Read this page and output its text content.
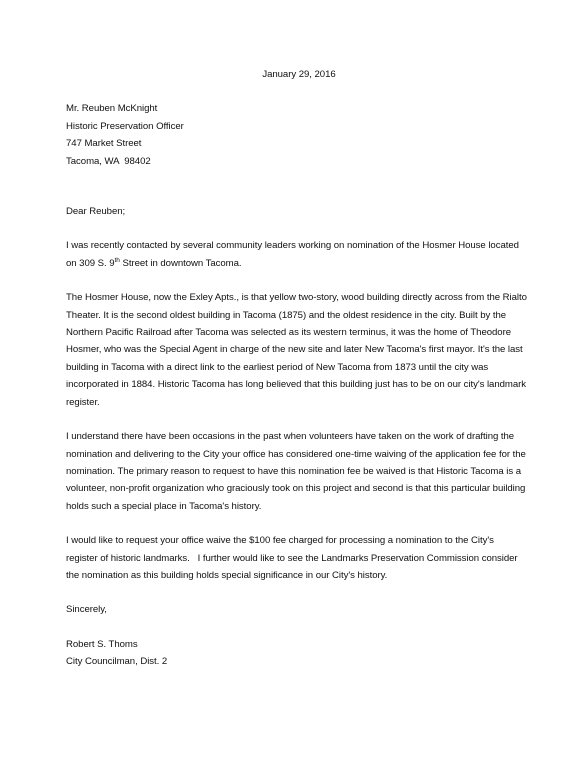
January 29, 2016
Mr. Reuben McKnight
Historic Preservation Officer
747 Market Street
Tacoma, WA  98402

Dear Reuben;

I was recently contacted by several community leaders working on nomination of the Hosmer House located on 309 S. 9th Street in downtown Tacoma.

The Hosmer House, now the Exley Apts., is that yellow two-story, wood building directly across from the Rialto Theater. It is the second oldest building in Tacoma (1875) and the oldest residence in the city. Built by the Northern Pacific Railroad after Tacoma was selected as its western terminus, it was the home of Theodore Hosmer, who was the Special Agent in charge of the new site and later New Tacoma's first mayor. It's the last building in Tacoma with a direct link to the earliest period of New Tacoma from 1873 until the city was incorporated in 1884. Historic Tacoma has long believed that this building just has to be on our city's landmark register.

I understand there have been occasions in the past when volunteers have taken on the work of drafting the nomination and delivering to the City your office has considered one-time waiving of the application fee for the nomination. The primary reason to request to have this nomination fee be waived is that Historic Tacoma is a volunteer, non-profit organization who graciously took on this project and second is that this particular building holds such a special place in Tacoma's history.

I would like to request your office waive the $100 fee charged for processing a nomination to the City's register of historic landmarks.   I further would like to see the Landmarks Preservation Commission consider the nomination as this building holds special significance in our City's history.

Sincerely,

Robert S. Thoms
City Councilman, Dist. 2
